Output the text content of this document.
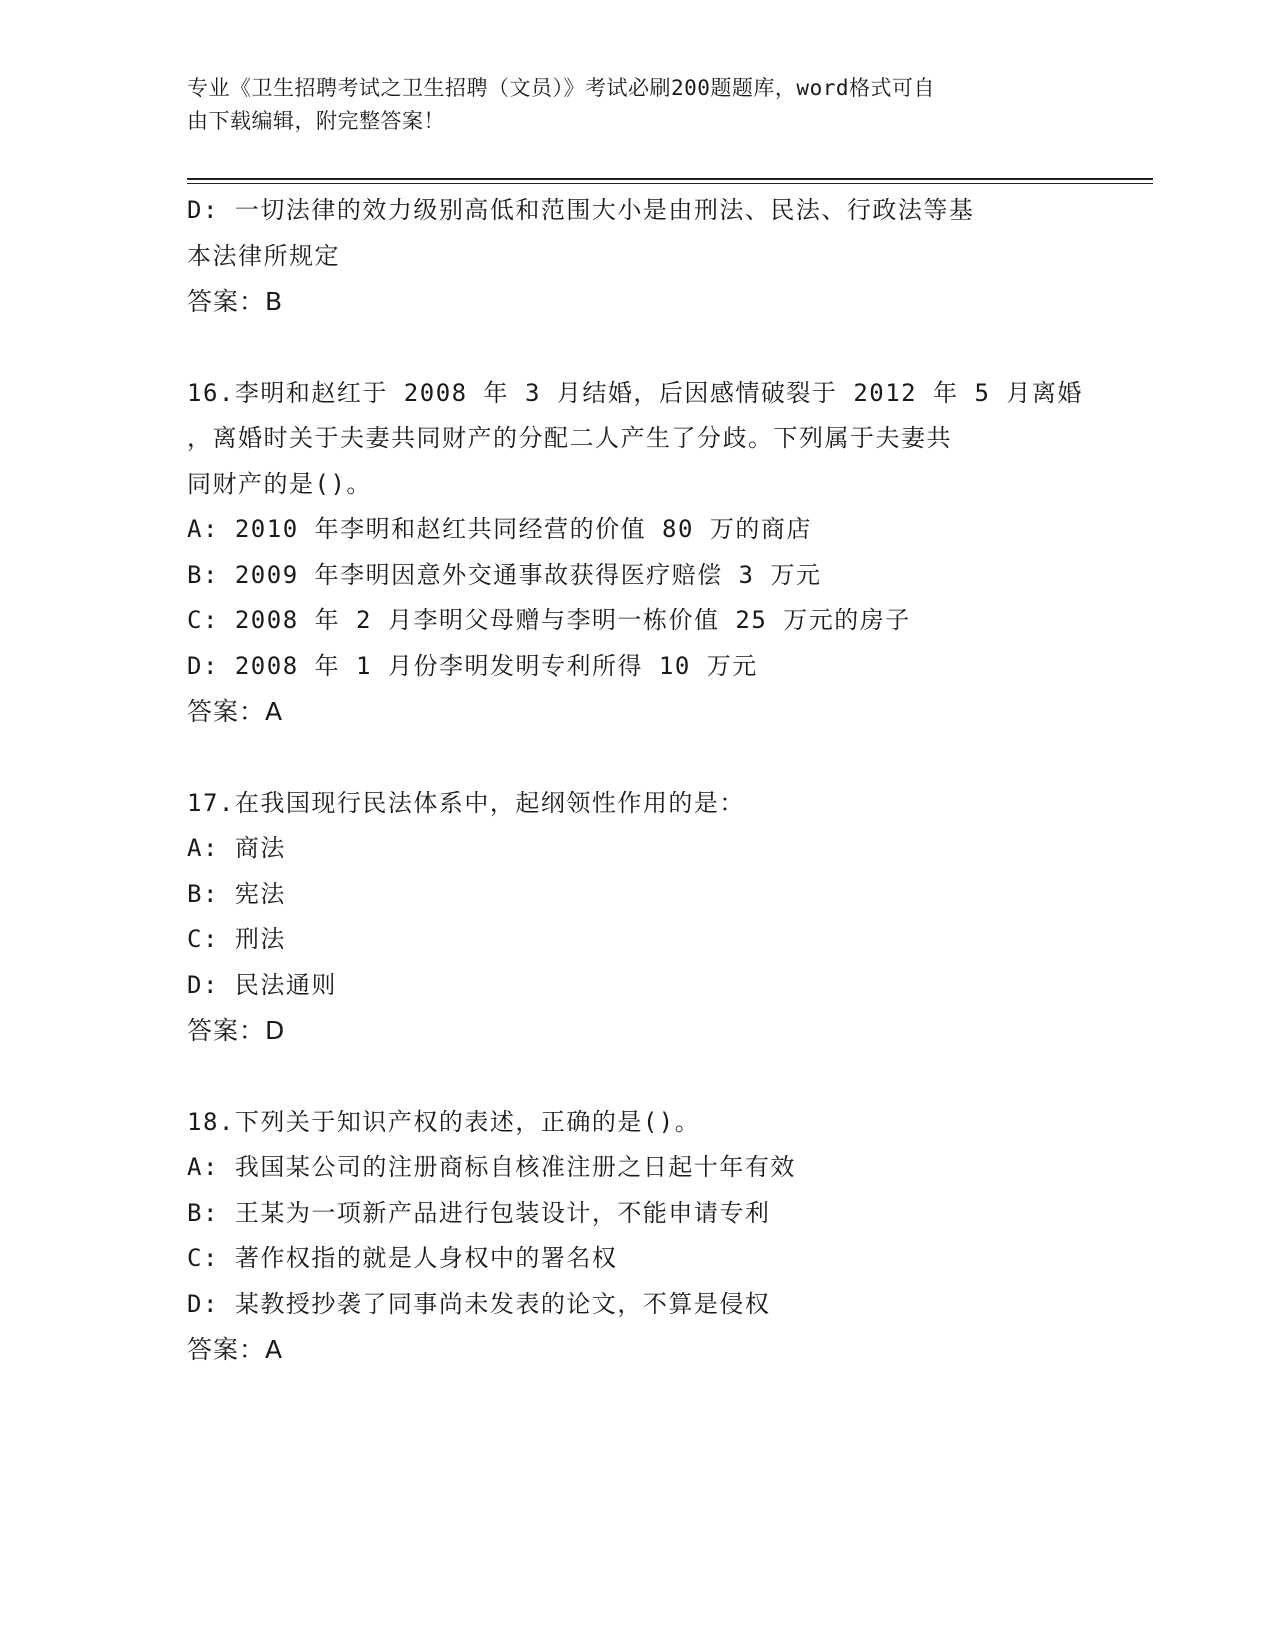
专业《卫生招聘考试之卫生招聘（文员）》考试必刷200题题库，word格式可自
由下载编辑，附完整答案！
D: 一切法律的效力级别高低和范围大小是由刑法、民法、行政法等基
本法律所规定
答案：B
16.李明和赵红于 2008 年 3 月结婚，后因感情破裂于 2012 年 5 月离婚
，离婚时关于夫妻共同财产的分配二人产生了分歧。下列属于夫妻共
同财产的是()。
A: 2010 年李明和赵红共同经营的价值 80 万的商店
B: 2009 年李明因意外交通事故获得医疗赔偿 3 万元
C: 2008 年 2 月李明父母赠与李明一栋价值 25 万元的房子
D: 2008 年 1 月份李明发明专利所得 10 万元
答案：A
17.在我国现行民法体系中，起纲领性作用的是：
A: 商法
B: 宪法
C: 刑法
D: 民法通则
答案：D
18.下列关于知识产权的表述，正确的是()。
A: 我国某公司的注册商标自核准注册之日起十年有效
B: 王某为一项新产品进行包装设计，不能申请专利
C: 著作权指的就是人身权中的署名权
D: 某教授抄袭了同事尚未发表的论文，不算是侵权
答案：A
